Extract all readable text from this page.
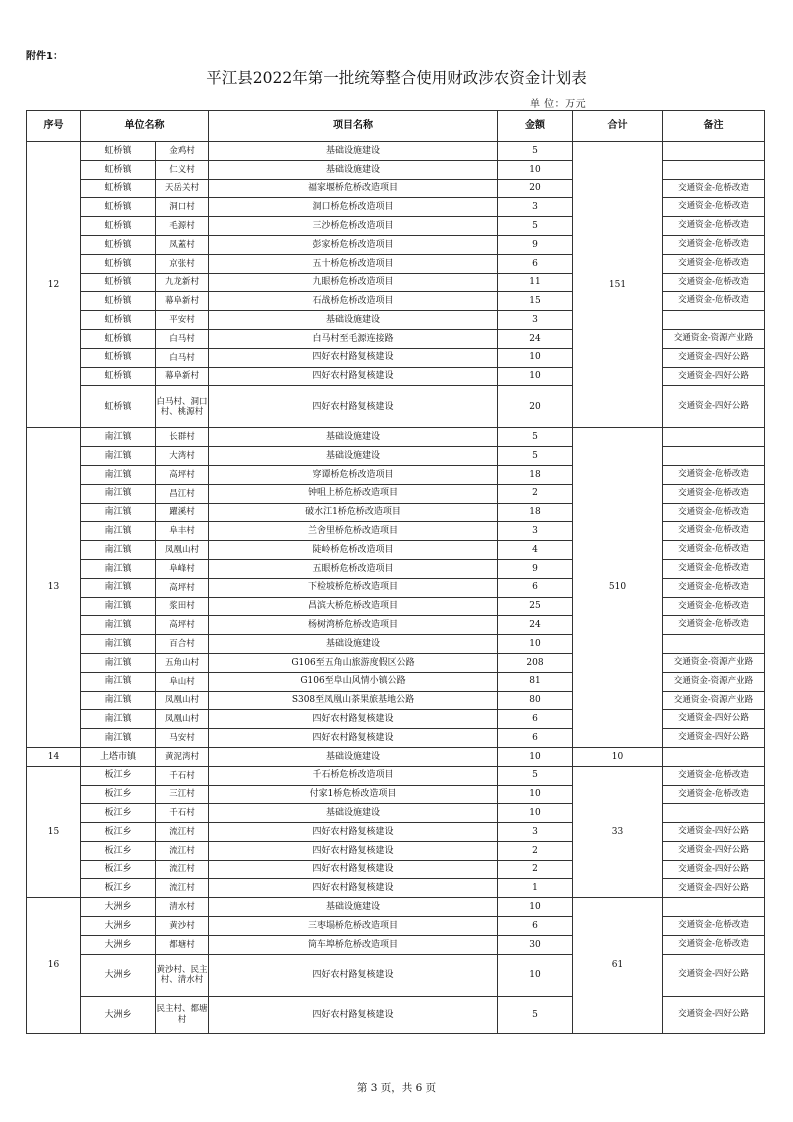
附件1：
平江县2022年第一批统筹整合使用财政涉农资金计划表
单 位：万元
序号	单位名称		项目名称	金额	合计	备注
12	虹桥镇	金鸡村	基础设施建设	5	151	
	虹桥镇	仁义村	基础设施建设	10		
	虹桥镇	天岳关村	福家堰桥危桥改造项目	20		交通资金-危桥改造
	虹桥镇	洞口村	洞口桥危桥改造项目	3		交通资金-危桥改造
	虹桥镇	毛源村	三沙桥危桥改造项目	5		交通资金-危桥改造
	虹桥镇	凤蓋村	彭家桥危桥改造项目	9		交通资金-危桥改造
	虹桥镇	京张村	五十桥危桥改造项目	6		交通资金-危桥改造
	虹桥镇	九龙新村	九眼桥危桥改造项目	11		交通资金-危桥改造
	虹桥镇	幕阜新村	石战桥危桥改造项目	15		交通资金-危桥改造
	虹桥镇	平安村	基础设施建设	3		
	虹桥镇	白马村	白马村至毛源连接路	24		交通资金-资源产业路
	虹桥镇	白马村	四好农村路复核建设	10		交通资金-四好公路
	虹桥镇	幕阜新村	四好农村路复核建设	10		交通资金-四好公路
	虹桥镇	白马村、洞口村、桃源村	四好农村路复核建设	20		交通资金-四好公路
13	南江镇	长群村	基础设施建设	5	510	
	南江镇	大湾村	基础设施建设	5		
	南江镇	高坪村	穿谭桥危桥改造项目	18		交通资金-危桥改造
	南江镇	昌江村	钟咀上桥危桥改造项目	2		交通资金-危桥改造
	南江镇	躍溪村	破水江1桥危桥改造项目	18		交通资金-危桥改造
	南江镇	阜丰村	兰舍里桥危桥改造项目	3		交通资金-危桥改造
	南江镇	凤凰山村	陡岭桥危桥改造项目	4		交通资金-危桥改造
	南江镇	阜峰村	五眼桥危桥改造项目	9		交通资金-危桥改造
	南江镇	高坪村	下检坡桥危桥改造项目	6		交通资金-危桥改造
	南江镇	浆田村	昌滨大桥危桥改造项目	25		交通资金-危桥改造
	南江镇	高坪村	杨树湾桥危桥改造项目	24		交通资金-危桥改造
	南江镇	百合村	基础设施建设	10		
	南江镇	五角山村	G106至五角山旅游度假区公路	208		交通资金-资源产业路
	南江镇	阜山村	G106至阜山风情小镇公路	81		交通资金-资源产业路
	南江镇	凤凰山村	S308至凤凰山茶果旅基地公路	80		交通资金-资源产业路
	南江镇	凤凰山村	四好农村路复核建设	6		交通资金-四好公路
	南江镇	马安村	四好农村路复核建设	6		交通资金-四好公路
14	上塔市镇	黄泥湾村	基础设施建设	10	10	
15	板江乡	千石村	千石桥危桥改造项目	5	33	交通资金-危桥改造
	板江乡	三江村	付家1桥危桥改造项目	10		交通资金-危桥改造
	板江乡	千石村	基础设施建设	10		
	板江乡	流江村	四好农村路复核建设	3		交通资金-四好公路
	板江乡	流江村	四好农村路复核建设	2		交通资金-四好公路
	板江乡	流江村	四好农村路复核建设	2		交通资金-四好公路
	板江乡	流江村	四好农村路复核建设	1		交通资金-四好公路
16	大洲乡	清水村	基础设施建设	10	61	
	大洲乡	黄沙村	三枣塌桥危桥改造项目	6		交通资金-危桥改造
	大洲乡	都塘村	筒车埠桥危桥改造项目	30		交通资金-危桥改造
	大洲乡	黄沙村、民主村、清水村	四好农村路复核建设	10		交通资金-四好公路
	大洲乡	民主村、都塘村	四好农村路复核建设	5		交通资金-四好公路
第 3 页，共 6 页
